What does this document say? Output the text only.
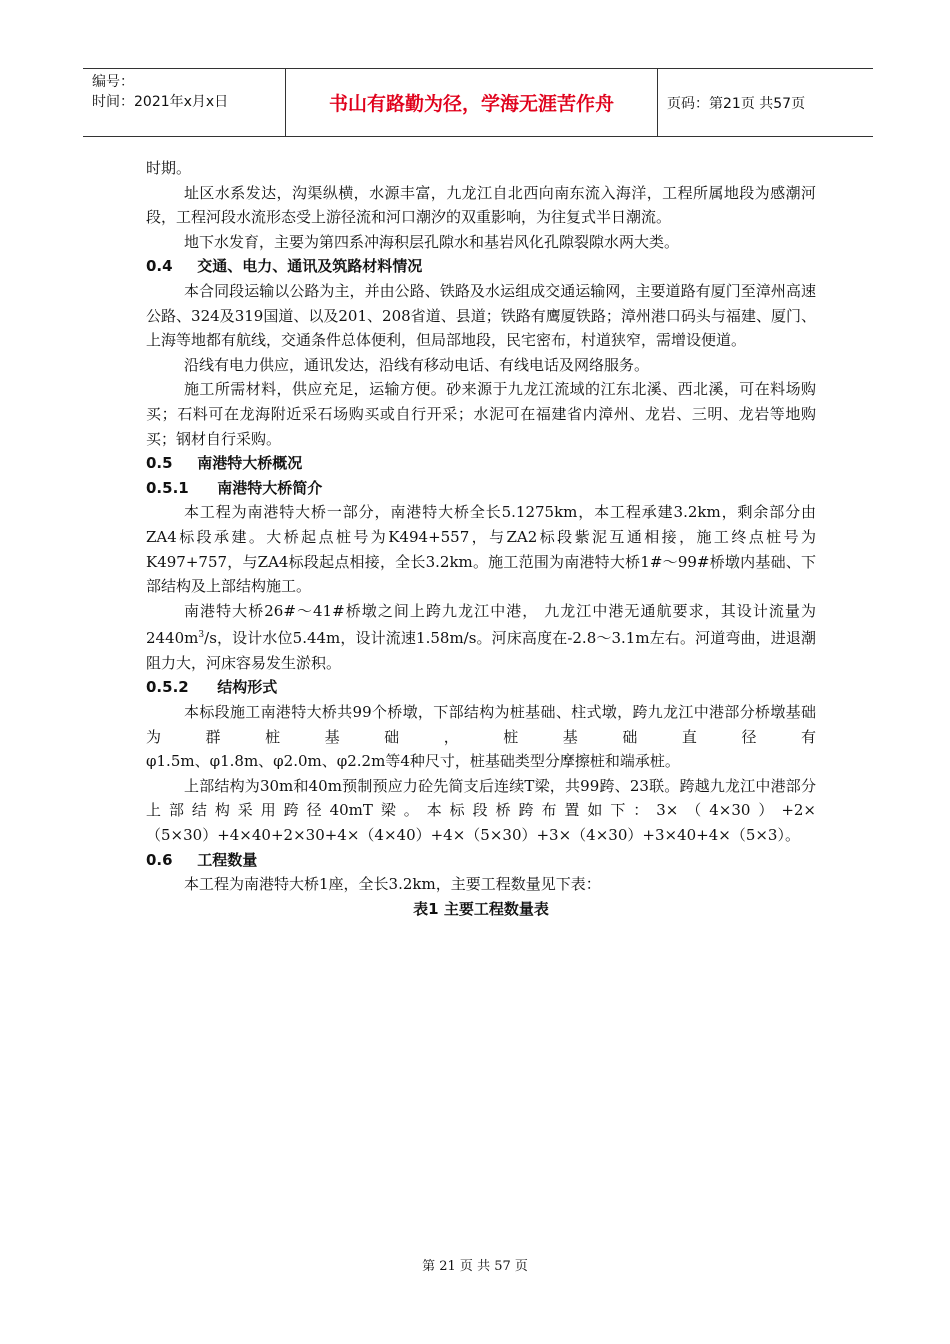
编号：
时间：2021年x月x日	书山有路勤为径，学海无涯苦作舟	页码：第21页 共57页

时期。

址区水系发达，沟渠纵横，水源丰富，九龙江自北西向南东流入海洋，工程所属地段为感潮河段，工程河段水流形态受上游径流和河口潮汐的双重影响，为往复式半日潮流。

地下水发育，主要为第四系冲海积层孔隙水和基岩风化孔隙裂隙水两大类。

0.4 交通、电力、通讯及筑路材料情况

本合同段运输以公路为主，并由公路、铁路及水运组成交通运输网，主要道路有厦门至漳州高速公路、324及319国道、以及201、208省道、县道；铁路有鹰厦铁路；漳州港口码头与福建、厦门、上海等地都有航线，交通条件总体便利，但局部地段，民宅密布，村道狭窄，需增设便道。

沿线有电力供应，通讯发达，沿线有移动电话、有线电话及网络服务。

施工所需材料，供应充足，运输方便。砂来源于九龙江流域的江东北溪、西北溪，可在料场购买；石料可在龙海附近采石场购买或自行开采；水泥可在福建省内漳州、龙岩、三明、龙岩等地购买；钢材自行采购。

0.5 南港特大桥概况
0.5.1 南港特大桥简介

本工程为南港特大桥一部分，南港特大桥全长5.1275km，本工程承建3.2km，剩余部分由ZA4标段承建。大桥起点桩号为K494+557，与ZA2标段紫泥互通相接，施工终点桩号为K497+757，与ZA4标段起点相接，全长3.2km。施工范围为南港特大桥1#～99#桥墩内基础、下部结构及上部结构施工。

南港特大桥26#～41#桥墩之间上跨九龙江中港， 九龙江中港无通航要求，其设计流量为$2440m^3/s$，设计水位5.44m，设计流速1.58m/s。河床高度在-2.8～3.1m左右。河道弯曲，进退潮阻力大，河床容易发生淤积。

0.5.2 结构形式

本标段施工南港特大桥共99个桥墩，下部结构为桩基础、柱式墩，跨九龙江中港部分桥墩基础为群桩基础，桩基础直径有

φ1.5m、φ1.8m、φ2.0m、φ2.2m等4种尺寸，桩基础类型分摩擦桩和端承桩。

上部结构为30m和40m预制预应力砼先简支后连续T梁，共99跨、23联。跨越九龙江中港部分上部结构采用跨径40mT梁。本标段桥跨布置如下：3×（4×30）+2×（5×30）+4×40+2×30+4×（4×40）+4×（5×30）+3×（4×30）+3×40+4×（5×3）。

0.6 工程数量

本工程为南港特大桥1座，全长3.2km，主要工程数量见下表：

表1 主要工程数量表

第 21 页 共 57 页
